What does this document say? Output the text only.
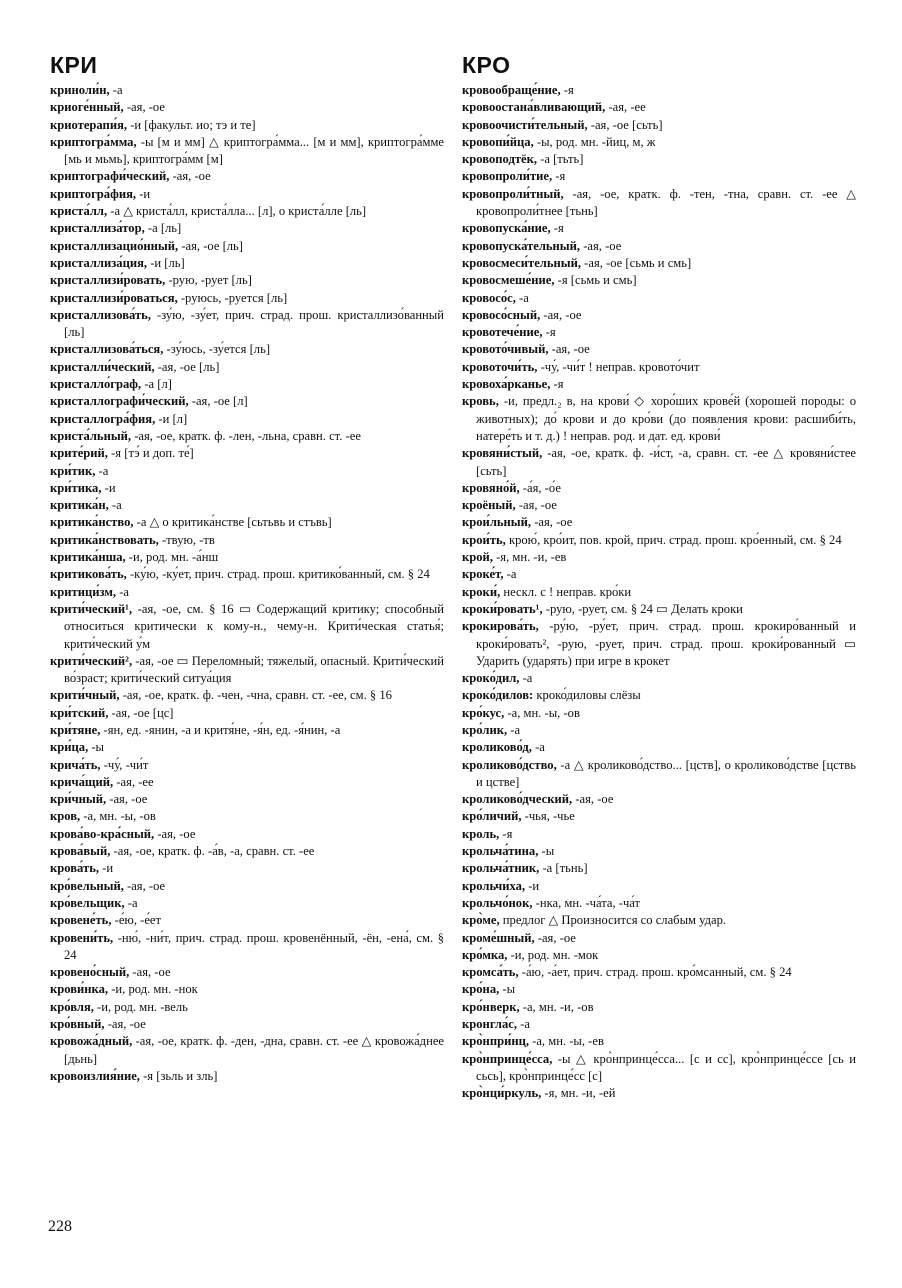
КРИ
криноли́н, -а
криоге́нный, -ая, -ое
криотерапи́я, -и [факульт. ио; тэ и те]
криптогра́мма, -ы [м и мм] △ криптогра́мма... [м и мм], криптогра́мме [мь и мьмь], криптогра́мм [м]
криптографи́ческий, -ая, -ое
криптогра́фия, -и
криста́лл, -а △ криста́лл, криста́лла... [л], о криста́лле [ль]
кристаллиза́тор, -а [ль]
кристаллизацио́нный, -ая, -ое [ль]
кристаллиза́ция, -и [ль]
кристаллизи́ровать, -рую, -рует [ль]
кристаллизи́роваться, -руюсь, -руется [ль]
кристаллизова́ть, -зу́ю, -зу́ет, прич. страд. прош. кристаллизо́ванный [ль]
кристаллизова́ться, -зу́юсь, -зу́ется [ль]
кристалли́ческий, -ая, -ое [ль]
кристалло́граф, -а [л]
кристаллографи́ческий, -ая, -ое [л]
кристаллогра́фия, -и [л]
криста́льный, -ая, -ое, кратк. ф. -лен, -льна, сравн. ст. -ее
крите́рий, -я [тэ́ и доп. те́]
кри́тик, -а
кри́тика, -и
критика́н, -а
критика́нство, -а △ о критика́нстве [сьтьвь и стъвь]
критика́нствовать, -твую, -тв
критика́нша, -и, род. мн. -а́нш
критикова́ть, -ку́ю, -ку́ет, прич. страд. прош. критико́ванный, см. § 24
критици́зм, -а
крити́ческий¹, -ая, -ое, см. § 16 ▭ Содержащий критику; способный относиться критически к кому-н., чему-н. Крити́ческая статья́; крити́ческий у́м
крити́ческий², -ая, -ое ▭ Переломный; тяжелый, опасный. Крити́ческий во́зраст; крити́ческий ситуа́ция
крити́чный, -ая, -ое, кратк. ф. -чен, -чна, сравн. ст. -ее, см. § 16
кри́тский, -ая, -ое [цс]
кри́тяне, -ян, ед. -янин, -а и критя́не, -я́н, ед. -я́нин, -а
кри́ца, -ы
крича́ть, -чу́, -чи́т
крича́щий, -ая, -ее
кри́чный, -ая, -ое
кров, -а, мн. -ы, -ов
крова́во-кра́сный, -ая, -ое
крова́вый, -ая, -ое, кратк. ф. -а́в, -а, сравн. ст. -ее
крова́ть, -и
кро́вельный, -ая, -ое
кро́вельщик, -а
кровене́ть, -е́ю, -е́ет
кровени́ть, -ню́, -ни́т, прич. страд. прош. кровенённый, -ён, -ена́, см. § 24
кровено́сный, -ая, -ое
крови́нка, -и, род. мн. -нок
кро́вля, -и, род. мн. -вель
кро́вный, -ая, -ое
кровожа́дный, -ая, -ое, кратк. ф. -ден, -дна, сравн. ст. -ее △ кровожа́днее [дьнь]
кровоизлия́ние, -я [зьль и зль]
КРО
кровообраще́ние, -я
кровоостана́вливающий, -ая, -ее
кровоочисти́тельный, -ая, -ое [сьть]
кровопи́йца, -ы, род. мн. -йиц, м, ж
кровоподтёк, -а [тьть]
кровопроли́тие, -я
кровопроли́тный, -ая, -ое, кратк. ф. -тен, -тна, сравн. ст. -ее △ кровопроли́тнее [тьнь]
кровопуска́ние, -я
кровопуска́тельный, -ая, -ое
кровосмеси́тельный, -ая, -ое [сьмь и смь]
кровосмеше́ние, -я [сьмь и смь]
кровосо́с, -а
кровосо́сный, -ая, -ое
кровотече́ние, -я
кровото́чивый, -ая, -ое
кровоточи́ть, -чу́, -чи́т ! неправ. кровото́чит
кровоха́рканье, -я
кровь, -и, предл.₂ в, на крови́ ◇ хоро́ших крове́й (хорошей породы: о животных); до́ крови и до кро́ви (до появления крови: расшиби́ть, натере́ть и т. д.) ! неправ. род. и дат. ед. крови́
кровяни́стый, -ая, -ое, кратк. ф. -и́ст, -а, сравн. ст. -ее △ кровяни́стее [сьть]
кровяно́й, -а́я, -о́е
кроёный, -ая, -ое
крои́льный, -ая, -ое
крои́ть, крою́, кро́ит, пов. крой, прич. страд. прош. кро́енный, см. § 24
крой, -я, мн. -и, -ев
кроке́т, -а
кроки́, нескл. с ! неправ. кро́ки
кроки́ровать¹, -рую, -рует, см. § 24 ▭ Делать кроки
крокирова́ть, -ру́ю, -ру́ет, прич. страд. прош. крокиро́ванный и кроки́ровать², -рую, -рует, прич. страд. прош. кроки́рованный ▭ Ударить (ударять) при игре в крокет
кроко́дил, -а
кроко́дилов: кроко́диловы слёзы
кро́кус, -а, мн. -ы, -ов
кро́лик, -а
кроликово́д, -а
кроликово́дство, -а △ кроликово́дство... [цств], о кроликово́дстве [цствь и цстве]
кроликово́дческий, -ая, -ое
кро́личий, -чья, -чье
кроль, -я
крольча́тина, -ы
крольча́тник, -а [тьнь]
крольчи́ха, -и
крольчо́нок, -нка, мн. -ча́та, -ча́т
кро̀ме, предлог △ Произносится со слабым удар.
кроме́шный, -ая, -ое
кро́мка, -и, род. мн. -мок
кромса́ть, -а́ю, -а́ет, прич. страд. прош. кро́мсанный, см. § 24
кро́на, -ы
кро́нверк, -а, мн. -и, -ов
кронгла́с, -а
кро̀нпри́нц, -а, мн. -ы, -ев
кро̀нпринце́сса, -ы △ кро̀нпринце́сса... [с и сс], кро̀нпринце́ссе [сь и сьсь], кро̀нпринце́сс [с]
кро̀нци́ркуль, -я, мн. -и, -ей
228
